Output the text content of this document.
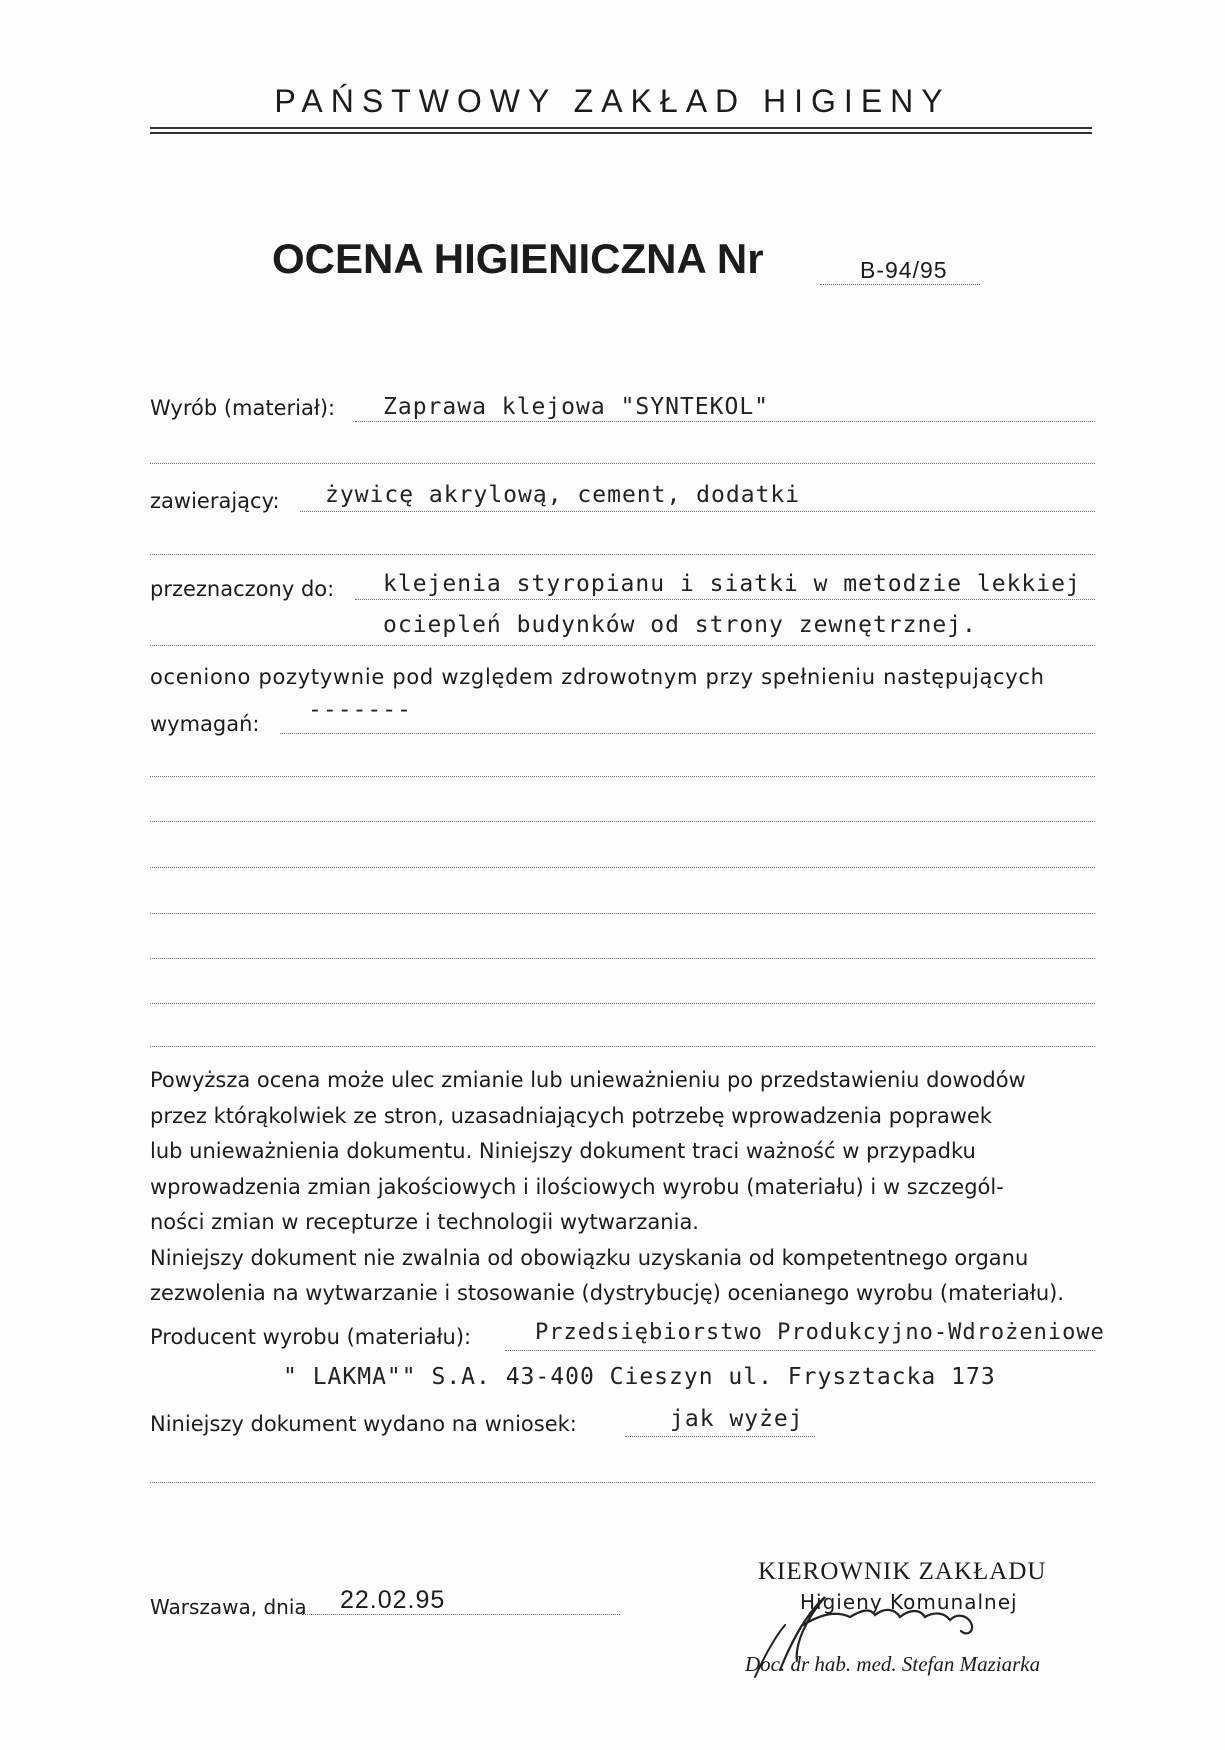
PAŃSTWOWY ZAKŁAD HIGIENY
OCENA HIGIENICZNA Nr	B-94/95
Wyrób (materiał): Zaprawa klejowa "SYNTEKOL"
zawierający: żywicę akrylową, cement, dodatki
przeznaczony do: klejenia styropianu i siatki w metodzie lekkiej
ociepleń budynków od strony zewnętrznej.
oceniono pozytywnie pod względem zdrowotnym przy spełnieniu następujących
wymagań:
-------
Powyższa ocena może ulec zmianie lub unieważnieniu po przedstawieniu dowodów
przez którąkolwiek ze stron, uzasadniających potrzebę wprowadzenia poprawek
lub unieważnienia dokumentu. Niniejszy dokument traci ważność w przypadku
wprowadzenia zmian jakościowych i ilościowych wyrobu (materiału) i w szczegól-
ności zmian w recepturze i technologii wytwarzania.
Niniejszy dokument nie zwalnia od obowiązku uzyskania od kompetentnego organu
zezwolenia na wytwarzanie i stosowanie (dystrybucję) ocenianego wyrobu (materiału).
Producent wyrobu (materiału):	Przedsiębiorstwo Produkcyjno-Wdrożeniowe
" LAKMA"" S.A. 43-400 Cieszyn ul. Frysztacka 173
Niniejszy dokument wydano na wniosek:	jak wyżej
Warszawa, dnia 22.02.95
KIEROWNIK ZAKŁADU
Higieny Komunalnej
Doc. dr hab. med. Stefan Maziarka
